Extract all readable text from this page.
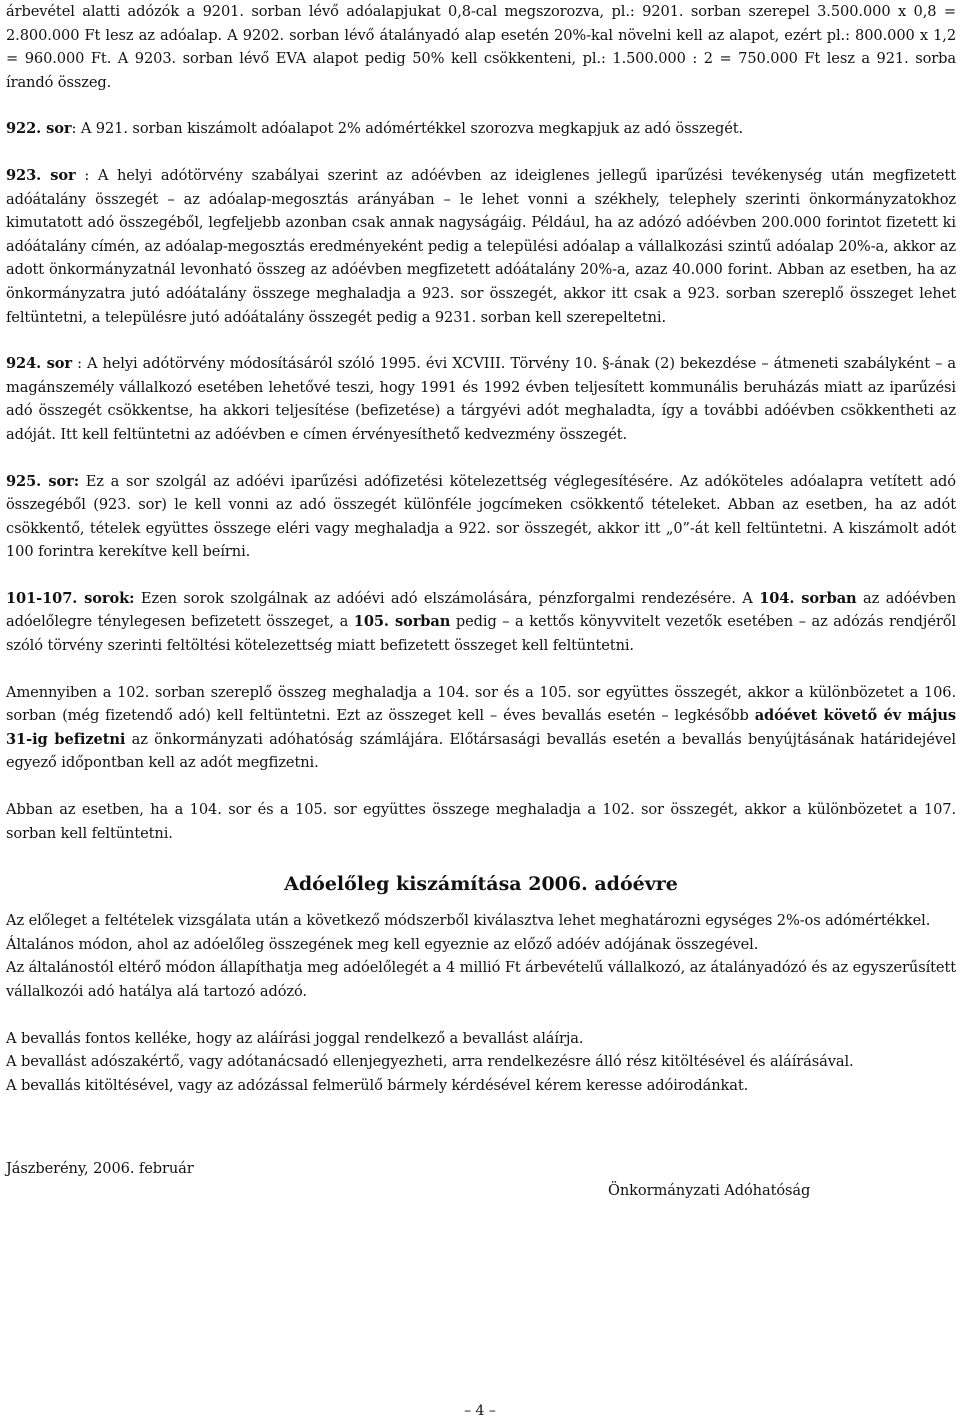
árbevétel alatti adózók a 9201. sorban lévő adóalapjukat 0,8-cal megszorozva, pl.: 9201. sorban szerepel 3.500.000 x 0,8 = 2.800.000 Ft lesz az adóalap. A 9202. sorban lévő átalányadó alap esetén 20%-kal növelni kell az alapot, ezért pl.: 800.000 x 1,2 = 960.000 Ft. A 9203. sorban lévő EVA alapot pedig 50% kell csökkenteni, pl.: 1.500.000 : 2 = 750.000 Ft lesz a 921. sorba írandó összeg.

922. sor: A 921. sorban kiszámolt adóalapot 2% adómértékkel szorozva megkapjuk az adó összegét.

923. sor : A helyi adótörvény szabályai szerint az adóévben az ideiglenes jellegű iparűzési tevékenység után megfizetett adóátalány összegét – az adóalap-megosztás arányában – le lehet vonni a székhely, telephely szerinti önkormányzatokhoz kimutatott adó összegéből, legfeljebb azonban csak annak nagyságáig. Például, ha az adózó adóévben 200.000 forintot fizetett ki adóátalány címén, az adóalap-megosztás eredményeként pedig a települési adóalap a vállalkozási szintű adóalap 20%-a, akkor az adott önkormányzatnál levonható összeg az adóévben megfizetett adóátalány 20%-a, azaz 40.000 forint. Abban az esetben, ha az önkormányzatra jutó adóátalány összege meghaladja a 923. sor összegét, akkor itt csak a 923. sorban szereplő összeget lehet feltüntetni, a településre jutó adóátalány összegét pedig a 9231. sorban kell szerepeltetni.

924. sor : A helyi adótörvény módosításáról szóló 1995. évi XCVIII. Törvény 10. §-ának (2) bekezdése – átmeneti szabályként – a magánszemély vállalkozó esetében lehetővé teszi, hogy 1991 és 1992 évben teljesített kommunális beruházás miatt az iparűzési adó összegét csökkentse, ha akkori teljesítése (befizetése) a tárgyévi adót meghaladta, így a további adóévben csökkentheti az adóját. Itt kell feltüntetni az adóévben e címen érvényesíthető kedvezmény összegét.

925. sor: Ez a sor szolgál az adóévi iparűzési adófizetési kötelezettség véglegesítésére. Az adóköteles adóalapra vetített adó összegéből (923. sor) le kell vonni az adó összegét különféle jogcímeken csökkentő tételeket. Abban az esetben, ha az adót csökkentő, tételek együttes összege eléri vagy meghaladja a 922. sor összegét, akkor itt „0”-át kell feltüntetni. A kiszámolt adót 100 forintra kerekítve kell beírni.

101-107. sorok: Ezen sorok szolgálnak az adóévi adó elszámolására, pénzforgalmi rendezésére. A 104. sorban az adóévben adóelőlegre ténylegesen befizetett összeget, a 105. sorban pedig – a kettős könyvvitelt vezetők esetében – az adózás rendjéről szóló törvény szerinti feltöltési kötelezettség miatt befizetett összeget kell feltüntetni.

Amennyiben a 102. sorban szereplő összeg meghaladja a 104. sor és a 105. sor együttes összegét, akkor a különbözetet a 106. sorban (még fizetendő adó) kell feltüntetni. Ezt az összeget kell – éves bevallás esetén – legkésőbb adóévet követő év május 31-ig befizetni az önkormányzati adóhatóság számlájára. Előtársasági bevallás esetén a bevallás benyújtásának határidejével egyező időpontban kell az adót megfizetni.

Abban az esetben, ha a 104. sor és a 105. sor együttes összege meghaladja a 102. sor összegét, akkor a különbözetet a 107. sorban kell feltüntetni.

Adóelőleg kiszámítása 2006. adóévre

Az előleget a feltételek vizsgálata után a következő módszerből kiválasztva lehet meghatározni egységes 2%-os adómértékkel.

Általános módon, ahol az adóelőleg összegének meg kell egyeznie az előző adóév adójának összegével.

Az általánostól eltérő módon állapíthatja meg adóelőlegét a 4 millió Ft árbevételű vállalkozó, az átalányadózó és az egyszerűsített vállalkozói adó hatálya alá tartozó adózó.

A bevallás fontos kelléke, hogy az aláírási joggal rendelkező a bevallást aláírja.

A bevallást adószakértő, vagy adótanácsadó ellenjegyezheti, arra rendelkezésre álló rész kitöltésével és aláírásával.

A bevallás kitöltésével, vagy az adózással felmerülő bármely kérdésével kérem keresse adóirodánkat.

Jászberény, 2006. február

Önkormányzati Adóhatóság

– 4 –
